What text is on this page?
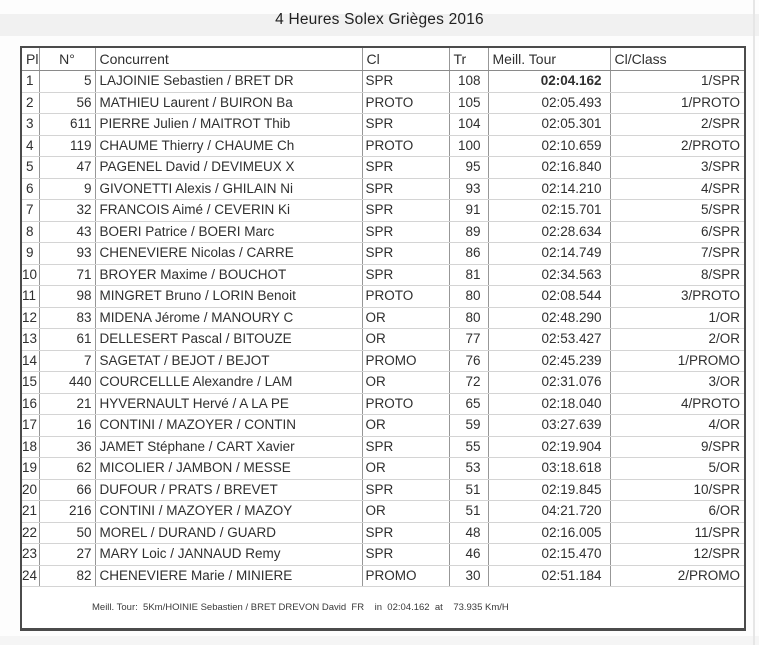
4 Heures Solex Grièges 2016
Pl	N°	Concurrent	Cl	Tr	Meill. Tour	Cl/Class
1	5	LAJOINIE Sebastien / BRET DR	SPR	108	02:04.162	1/SPR
2	56	MATHIEU Laurent / BUIRON Ba	PROTO	105	02:05.493	1/PROTO
3	611	PIERRE Julien / MAITROT Thib	SPR	104	02:05.301	2/SPR
4	119	CHAUME Thierry / CHAUME Ch	PROTO	100	02:10.659	2/PROTO
5	47	PAGENEL David / DEVIMEUX X	SPR	95	02:16.840	3/SPR
6	9	GIVONETTI Alexis / GHILAIN Ni	SPR	93	02:14.210	4/SPR
7	32	FRANCOIS Aimé / CEVERIN Ki	SPR	91	02:15.701	5/SPR
8	43	BOERI Patrice / BOERI Marc	SPR	89	02:28.634	6/SPR
9	93	CHENEVIERE Nicolas / CARRE	SPR	86	02:14.749	7/SPR
10	71	BROYER Maxime / BOUCHOT	SPR	81	02:34.563	8/SPR
11	98	MINGRET Bruno / LORIN Benoit	PROTO	80	02:08.544	3/PROTO
12	83	MIDENA Jérome / MANOURY C	OR	80	02:48.290	1/OR
13	61	DELLESERT Pascal / BITOUZE	OR	77	02:53.427	2/OR
14	7	SAGETAT / BEJOT / BEJOT	PROMO	76	02:45.239	1/PROMO
15	440	COURCELLLE Alexandre / LAM	OR	72	02:31.076	3/OR
16	21	HYVERNAULT Hervé / A LA PE	PROTO	65	02:18.040	4/PROTO
17	16	CONTINI / MAZOYER / CONTIN	OR	59	03:27.639	4/OR
18	36	JAMET Stéphane / CART Xavier	SPR	55	02:19.904	9/SPR
19	62	MICOLIER / JAMBON / MESSE	OR	53	03:18.618	5/OR
20	66	DUFOUR / PRATS / BREVET	SPR	51	02:19.845	10/SPR
21	216	CONTINI / MAZOYER / MAZOY	OR	51	04:21.720	6/OR
22	50	MOREL / DURAND / GUARD	SPR	48	02:16.005	11/SPR
23	27	MARY Loic / JANNAUD Remy	SPR	46	02:15.470	12/SPR
24	82	CHENEVIERE Marie / MINIERE	PROMO	30	02:51.184	2/PROMO
Meill. Tour:  5Km/HOINIE Sebastien / BRET DREVON David  FR    in  02:04.162  at    73.935 Km/H
